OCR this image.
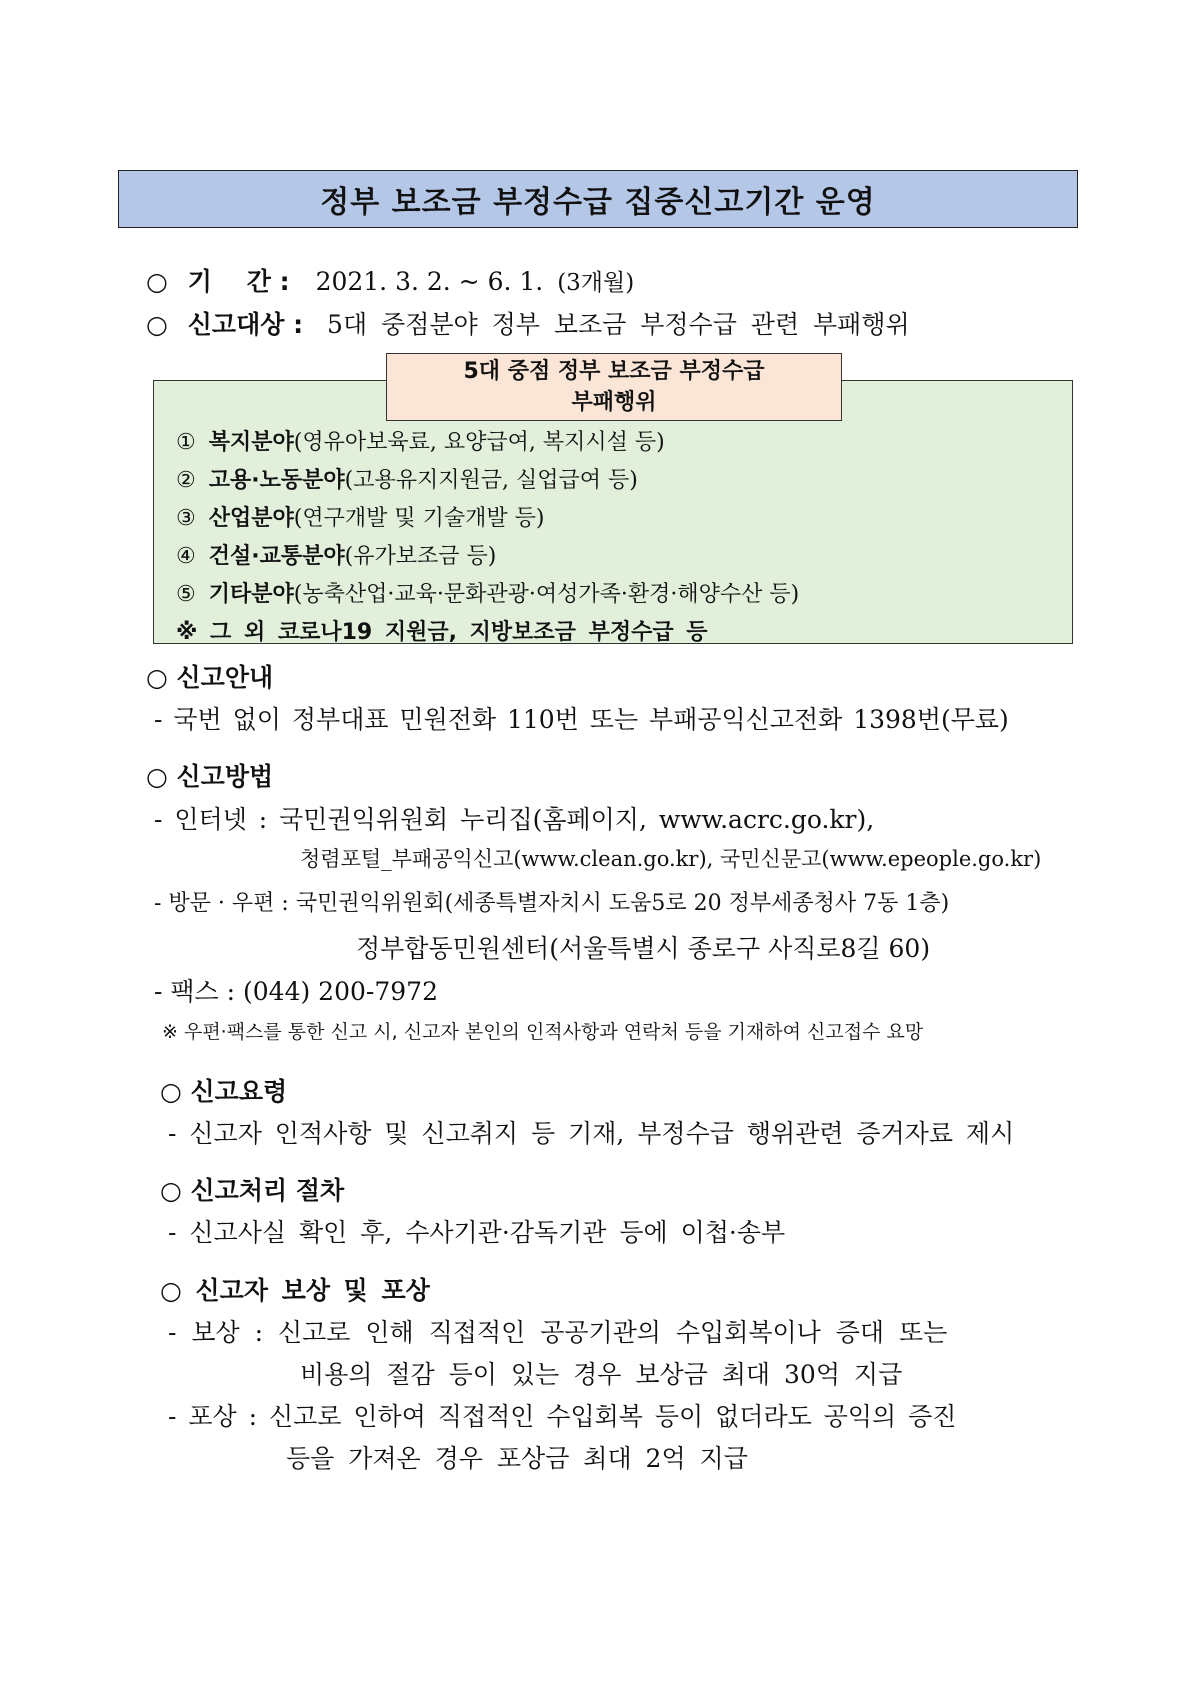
정부 보조금 부정수급 집중신고기간 운영
○ 기    간 : 2021. 3. 2. ~ 6. 1. (3개월)
○ 신고대상 : 5대 중점분야 정부 보조금 부정수급 관련 부패행위
5대 중점 정부 보조금 부정수급
부패행위
① 복지분야(영유아보육료, 요양급여, 복지시설 등)
② 고용·노동분야(고용유지지원금, 실업급여 등)
③ 산업분야(연구개발 및 기술개발 등)
④ 건설·교통분야(유가보조금 등)
⑤ 기타분야(농축산업·교육·문화관광·여성가족·환경·해양수산 등)
※ 그 외 코로나19 지원금, 지방보조금 부정수급 등
○ 신고안내
- 국번 없이 정부대표 민원전화 110번 또는 부패공익신고전화 1398번(무료)
○ 신고방법
- 인터넷 : 국민권익위원회 누리집(홈페이지, www.acrc.go.kr),
청렴포털_부패공익신고(www.clean.go.kr), 국민신문고(www.epeople.go.kr)
- 방문 · 우편 : 국민권익위원회(세종특별자치시 도움5로 20 정부세종청사 7동 1층)
정부합동민원센터(서울특별시 종로구 사직로8길 60)
- 팩스 : (044) 200-7972
※ 우편·팩스를 통한 신고 시, 신고자 본인의 인적사항과 연락처 등을 기재하여 신고접수 요망
○ 신고요령
- 신고자 인적사항 및 신고취지 등 기재, 부정수급 행위관련 증거자료 제시
○ 신고처리 절차
- 신고사실 확인 후, 수사기관·감독기관 등에 이첩·송부
○ 신고자 보상 및 포상
- 보상 : 신고로 인해 직접적인 공공기관의 수입회복이나 증대 또는
비용의 절감 등이 있는 경우 보상금 최대 30억 지급
- 포상 : 신고로 인하여 직접적인 수입회복 등이 없더라도 공익의 증진
등을 가져온 경우 포상금 최대 2억 지급
